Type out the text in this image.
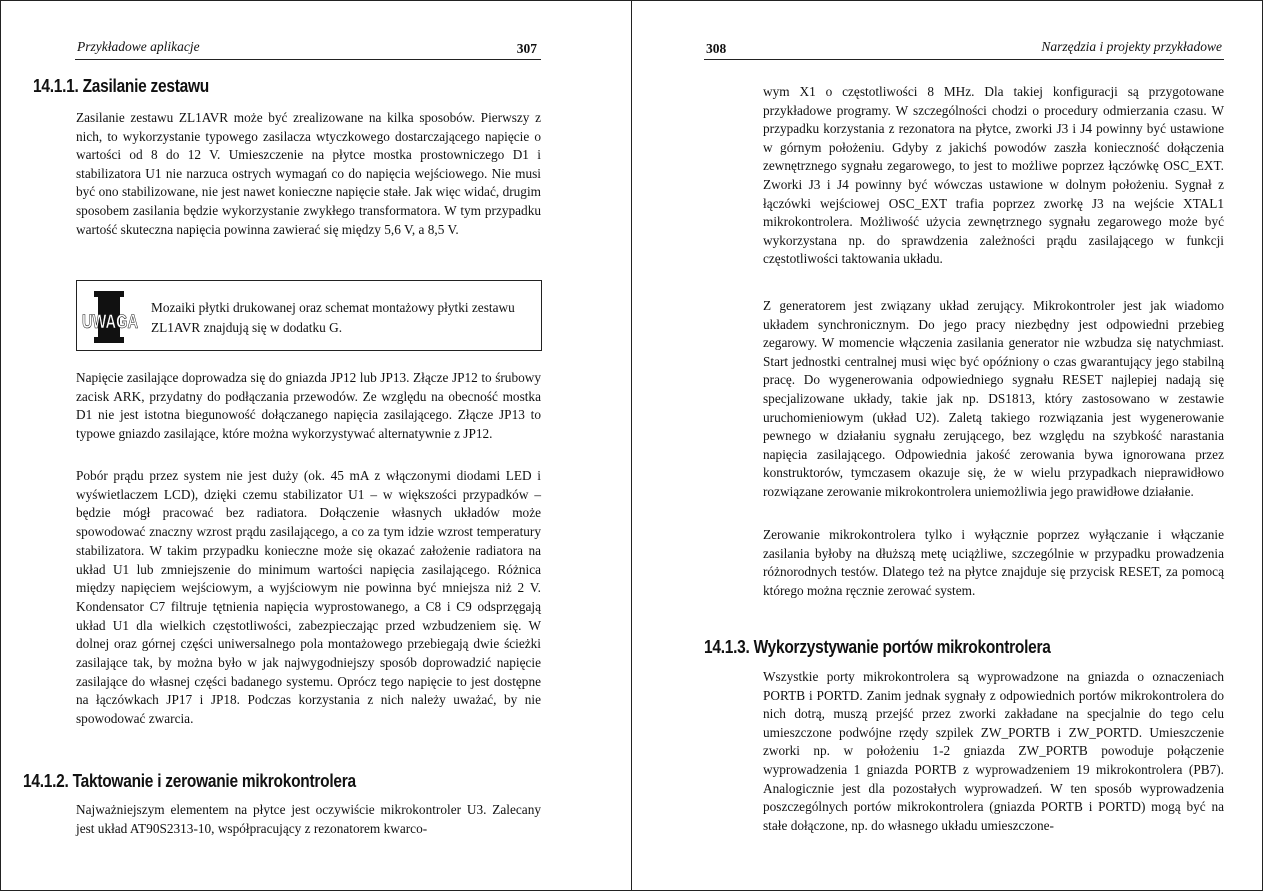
Przykładowe aplikacje	307
14.1.1. Zasilanie zestawu

Zasilanie zestawu ZL1AVR może być zrealizowane na kilka sposobów. Pierwszy z nich, to wykorzystanie typowego zasilacza wtyczkowego dostarczającego napięcie o wartości od 8 do 12 V. Umieszczenie na płytce mostka prostowniczego D1 i stabilizatora U1 nie narzuca ostrych wymagań co do napięcia wejściowego. Nie musi być ono stabilizowane, nie jest nawet konieczne napięcie stałe. Jak więc widać, drugim sposobem zasilania będzie wykorzystanie zwykłego transformatora. W tym przypadku wartość skuteczna napięcia powinna zawierać się między 5,6 V, a 8,5 V.

UWAGA

Mozaiki płytki drukowanej oraz schemat montażowy płytki zestawu ZL1AVR znajdują się w dodatku G.

Napięcie zasilające doprowadza się do gniazda JP12 lub JP13. Złącze JP12 to śrubowy zacisk ARK, przydatny do podłączania przewodów. Ze względu na obecność mostka D1 nie jest istotna biegunowość dołączanego napięcia zasilającego. Złącze JP13 to typowe gniazdo zasilające, które można wykorzystywać alternatywnie z JP12.

Pobór prądu przez system nie jest duży (ok. 45 mA z włączonymi diodami LED i wyświetlaczem LCD), dzięki czemu stabilizator U1 – w większości przypadków – będzie mógł pracować bez radiatora. Dołączenie własnych układów może spowodować znaczny wzrost prądu zasilającego, a co za tym idzie wzrost temperatury stabilizatora. W takim przypadku konieczne może się okazać założenie radiatora na układ U1 lub zmniejszenie do minimum wartości napięcia zasilającego. Różnica między napięciem wejściowym, a wyjściowym nie powinna być mniejsza niż 2 V. Kondensator C7 filtruje tętnienia napięcia wyprostowanego, a C8 i C9 odsprzęgają układ U1 dla wielkich częstotliwości, zabezpieczając przed wzbudzeniem się. W dolnej oraz górnej części uniwersalnego pola montażowego przebiegają dwie ścieżki zasilające tak, by można było w jak najwygodniejszy sposób doprowadzić napięcie zasilające do własnej części badanego systemu. Oprócz tego napięcie to jest dostępne na łączówkach JP17 i JP18. Podczas korzystania z nich należy uważać, by nie spowodować zwarcia.

14.1.2. Taktowanie i zerowanie mikrokontrolera

Najważniejszym elementem na płytce jest oczywiście mikrokontroler U3. Zalecany jest układ AT90S2313-10, współpracujący z rezonatorem kwarco-

308	Narzędzia i projekty przykładowe

wym X1 o częstotliwości 8 MHz. Dla takiej konfiguracji są przygotowane przykładowe programy. W szczególności chodzi o procedury odmierzania czasu. W przypadku korzystania z rezonatora na płytce, zworki J3 i J4 powinny być ustawione w górnym położeniu. Gdyby z jakichś powodów zaszła konieczność dołączenia zewnętrznego sygnału zegarowego, to jest to możliwe poprzez łączówkę OSC_EXT. Zworki J3 i J4 powinny być wówczas ustawione w dolnym położeniu. Sygnał z łączówki wejściowej OSC_EXT trafia poprzez zworkę J3 na wejście XTAL1 mikrokontrolera. Możliwość użycia zewnętrznego sygnału zegarowego może być wykorzystana np. do sprawdzenia zależności prądu zasilającego w funkcji częstotliwości taktowania układu.

Z generatorem jest związany układ zerujący. Mikrokontroler jest jak wiadomo układem synchronicznym. Do jego pracy niezbędny jest odpowiedni przebieg zegarowy. W momencie włączenia zasilania generator nie wzbudza się natychmiast. Start jednostki centralnej musi więc być opóźniony o czas gwarantujący jego stabilną pracę. Do wygenerowania odpowiedniego sygnału RESET najlepiej nadają się specjalizowane układy, takie jak np. DS1813, który zastosowano w zestawie uruchomieniowym (układ U2). Zaletą takiego rozwiązania jest wygenerowanie pewnego w działaniu sygnału zerującego, bez względu na szybkość narastania napięcia zasilającego. Odpowiednia jakość zerowania bywa ignorowana przez konstruktorów, tymczasem okazuje się, że w wielu przypadkach nieprawidłowo rozwiązane zerowanie mikrokontrolera uniemożliwia jego prawidłowe działanie.

Zerowanie mikrokontrolera tylko i wyłącznie poprzez wyłączanie i włączanie zasilania byłoby na dłuższą metę uciążliwe, szczególnie w przypadku prowadzenia różnorodnych testów. Dlatego też na płytce znajduje się przycisk RESET, za pomocą którego można ręcznie zerować system.

14.1.3. Wykorzystywanie portów mikrokontrolera

Wszystkie porty mikrokontrolera są wyprowadzone na gniazda o oznaczeniach PORTB i PORTD. Zanim jednak sygnały z odpowiednich portów mikrokontrolera do nich dotrą, muszą przejść przez zworki zakładane na specjalnie do tego celu umieszczone podwójne rzędy szpilek ZW_PORTB i ZW_PORTD. Umieszczenie zworki np. w położeniu 1-2 gniazda ZW_PORTB powoduje połączenie wyprowadzenia 1 gniazda PORTB z wyprowadzeniem 19 mikrokontrolera (PB7). Analogicznie jest dla pozostałych wyprowadzeń. W ten sposób wyprowadzenia poszczególnych portów mikrokontrolera (gniazda PORTB i PORTD) mogą być na stałe dołączone, np. do własnego układu umieszczone-
